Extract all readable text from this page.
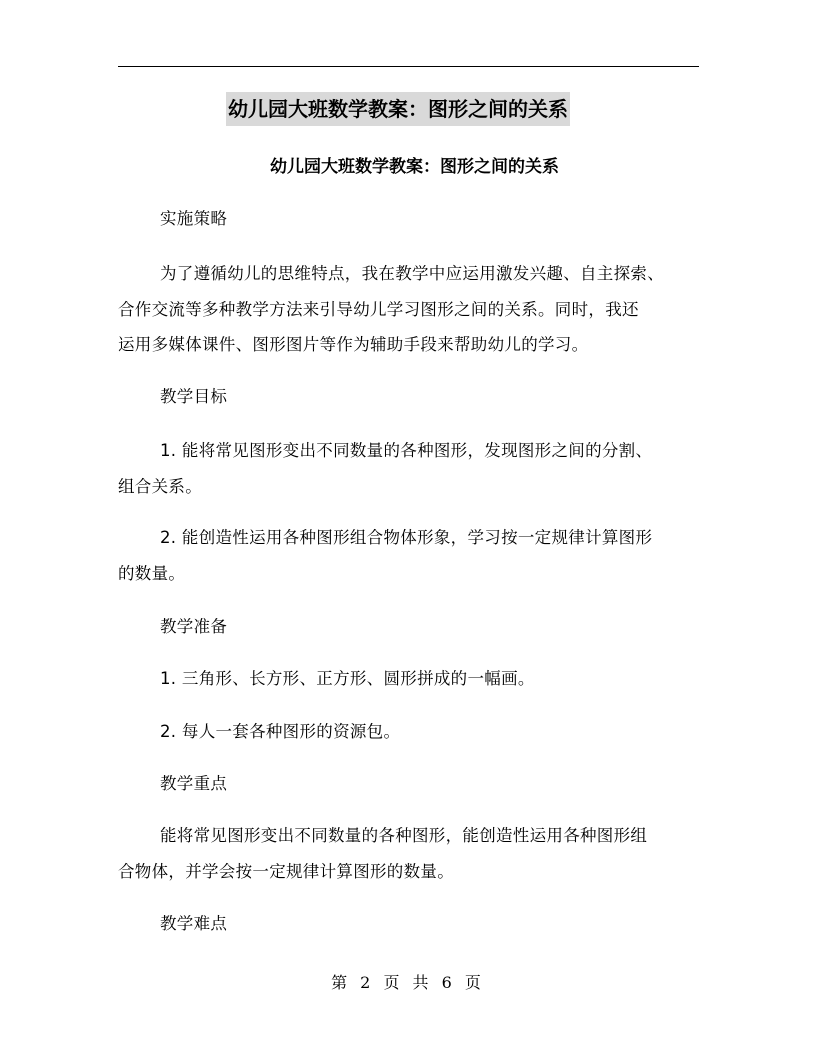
幼儿园大班数学教案：图形之间的关系
幼儿园大班数学教案：图形之间的关系
实施策略
为了遵循幼儿的思维特点，我在教学中应运用激发兴趣、自主探索、
合作交流等多种教学方法来引导幼儿学习图形之间的关系。同时，我还
运用多媒体课件、图形图片等作为辅助手段来帮助幼儿的学习。
教学目标
1. 能将常见图形变出不同数量的各种图形，发现图形之间的分割、
组合关系。
2. 能创造性运用各种图形组合物体形象，学习按一定规律计算图形
的数量。
教学准备
1. 三角形、长方形、正方形、圆形拼成的一幅画。
2. 每人一套各种图形的资源包。
教学重点
能将常见图形变出不同数量的各种图形，能创造性运用各种图形组
合物体，并学会按一定规律计算图形的数量。
教学难点
第 2 页 共 6 页
